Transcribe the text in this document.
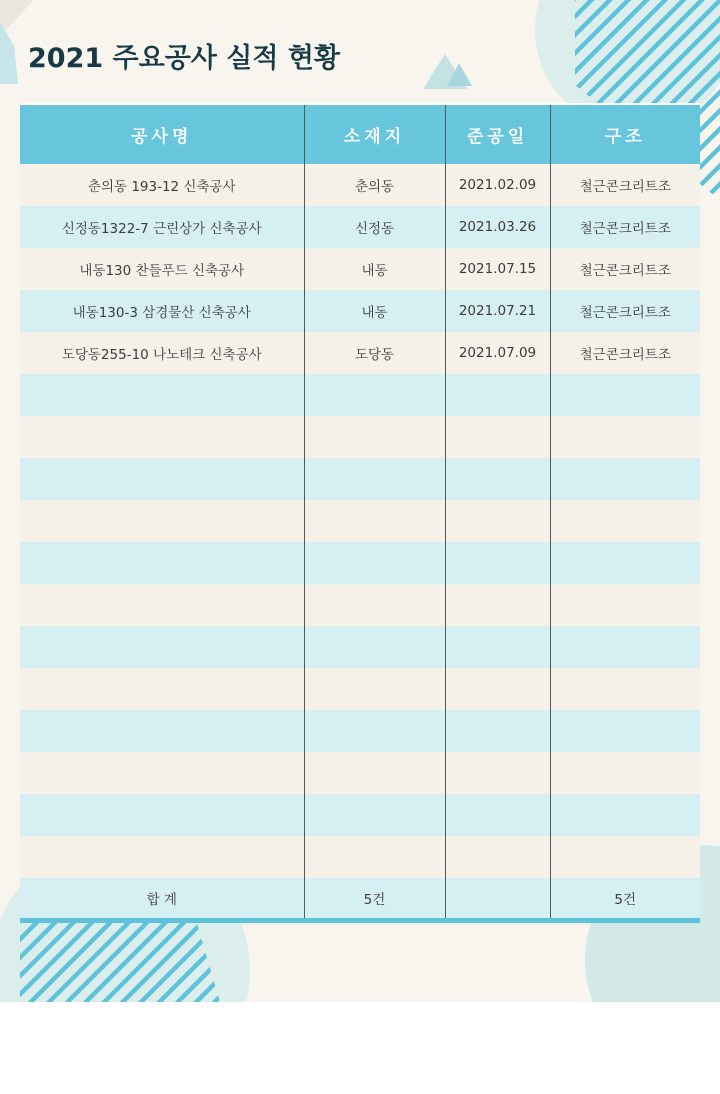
2021 주요공사 실적 현황
공사명	소재지	준공일	구조
춘의동 193-12 신축공사	춘의동	2021.02.09	철근콘크리트조
신정동1322-7 근린상가 신축공사	신정동	2021.03.26	철근콘크리트조
내동130 찬들푸드 신축공사	내동	2021.07.15	철근콘크리트조
내동130-3 삼경물산 신축공사	내동	2021.07.21	철근콘크리트조
도당동255-10 나노테크 신축공사	도당동	2021.07.09	철근콘크리트조

합 계	5건		5건
